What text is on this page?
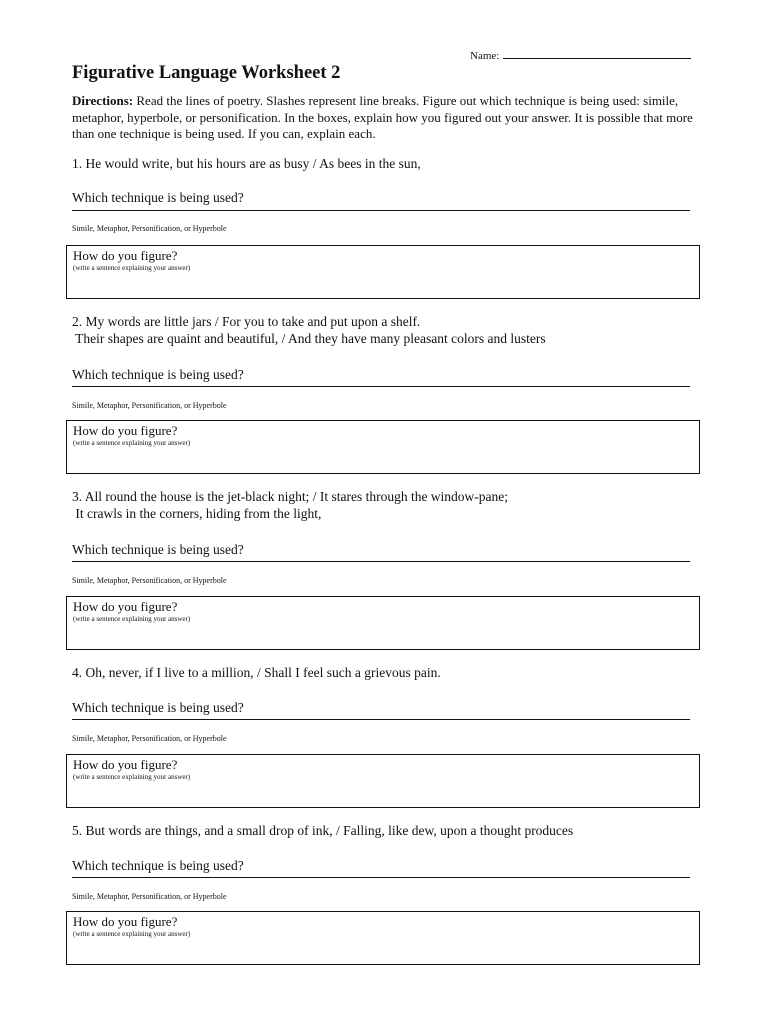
Name:
Figurative Language Worksheet 2
Directions: Read the lines of poetry. Slashes represent line breaks. Figure out which technique is being used: simile, metaphor, hyperbole, or personification. In the boxes, explain how you figured out your answer. It is possible that more than one technique is being used. If you can, explain each.
1. He would write, but his hours are as busy / As bees in the sun,
Which technique is being used?
Simile, Metaphor, Personification, or Hyperbole
How do you figure?
(write a sentence explaining your answer)
2. My words are little jars / For you to take and put upon a shelf.
Their shapes are quaint and beautiful, / And they have many pleasant colors and lusters
Which technique is being used?
Simile, Metaphor, Personification, or Hyperbole
How do you figure?
(write a sentence explaining your answer)
3. All round the house is the jet-black night; / It stares through the window-pane;
It crawls in the corners, hiding from the light,
Which technique is being used?
Simile, Metaphor, Personification, or Hyperbole
How do you figure?
(write a sentence explaining your answer)
4. Oh, never, if I live to a million, / Shall I feel such a grievous pain.
Which technique is being used?
Simile, Metaphor, Personification, or Hyperbole
How do you figure?
(write a sentence explaining your answer)
5. But words are things, and a small drop of ink, / Falling, like dew, upon a thought produces
Which technique is being used?
Simile, Metaphor, Personification, or Hyperbole
How do you figure?
(write a sentence explaining your answer)
